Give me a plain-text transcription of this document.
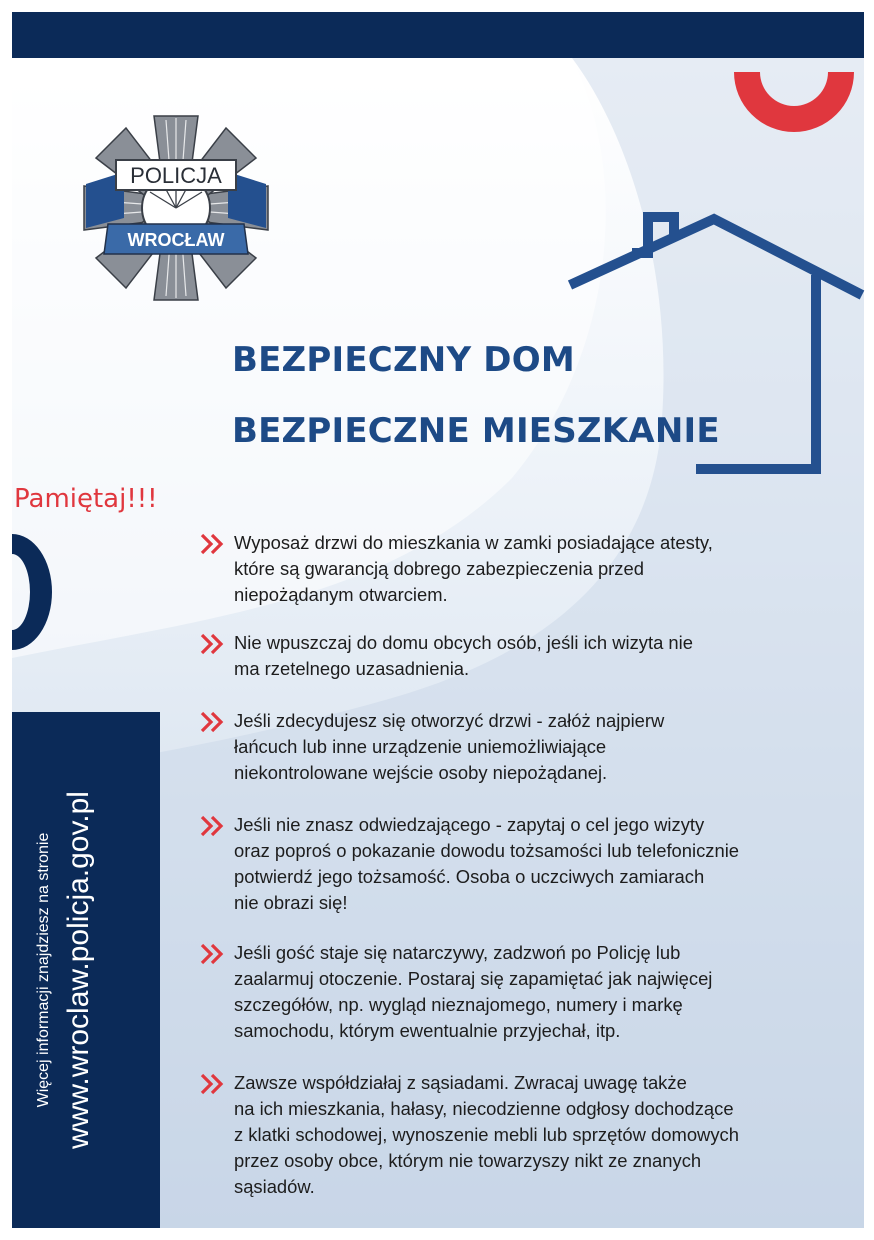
POLICJA
WROCŁAW
BEZPIECZNY DOM
BEZPIECZNE MIESZKANIE
Pamiętaj!!!
Więcej informacji znajdziesz na stronie www.wroclaw.policja.gov.pl
Wyposaż drzwi do mieszkania w zamki posiadające atesty,
które są gwarancją dobrego zabezpieczenia przed
niepożądanym otwarciem.
Nie wpuszczaj do domu obcych osób, jeśli ich wizyta nie
ma rzetelnego uzasadnienia.
Jeśli zdecydujesz się otworzyć drzwi - załóż najpierw
łańcuch lub inne urządzenie uniemożliwiające
niekontrolowane wejście osoby niepożądanej.
Jeśli nie znasz odwiedzającego - zapytaj o cel jego wizyty
oraz poproś o pokazanie dowodu tożsamości lub telefonicznie
potwierdź jego tożsamość. Osoba o uczciwych zamiarach
nie obrazi się!
Jeśli gość staje się natarczywy, zadzwoń po Policję lub
zaalarmuj otoczenie. Postaraj się zapamiętać jak najwięcej
szczegółów, np. wygląd nieznajomego, numery i markę
samochodu, którym ewentualnie przyjechał, itp.
Zawsze współdziałaj z sąsiadami. Zwracaj uwagę także
na ich mieszkania, hałasy, niecodzienne odgłosy dochodzące
z klatki schodowej, wynoszenie mebli lub sprzętów domowych
przez osoby obce, którym nie towarzyszy nikt ze znanych
sąsiadów.
